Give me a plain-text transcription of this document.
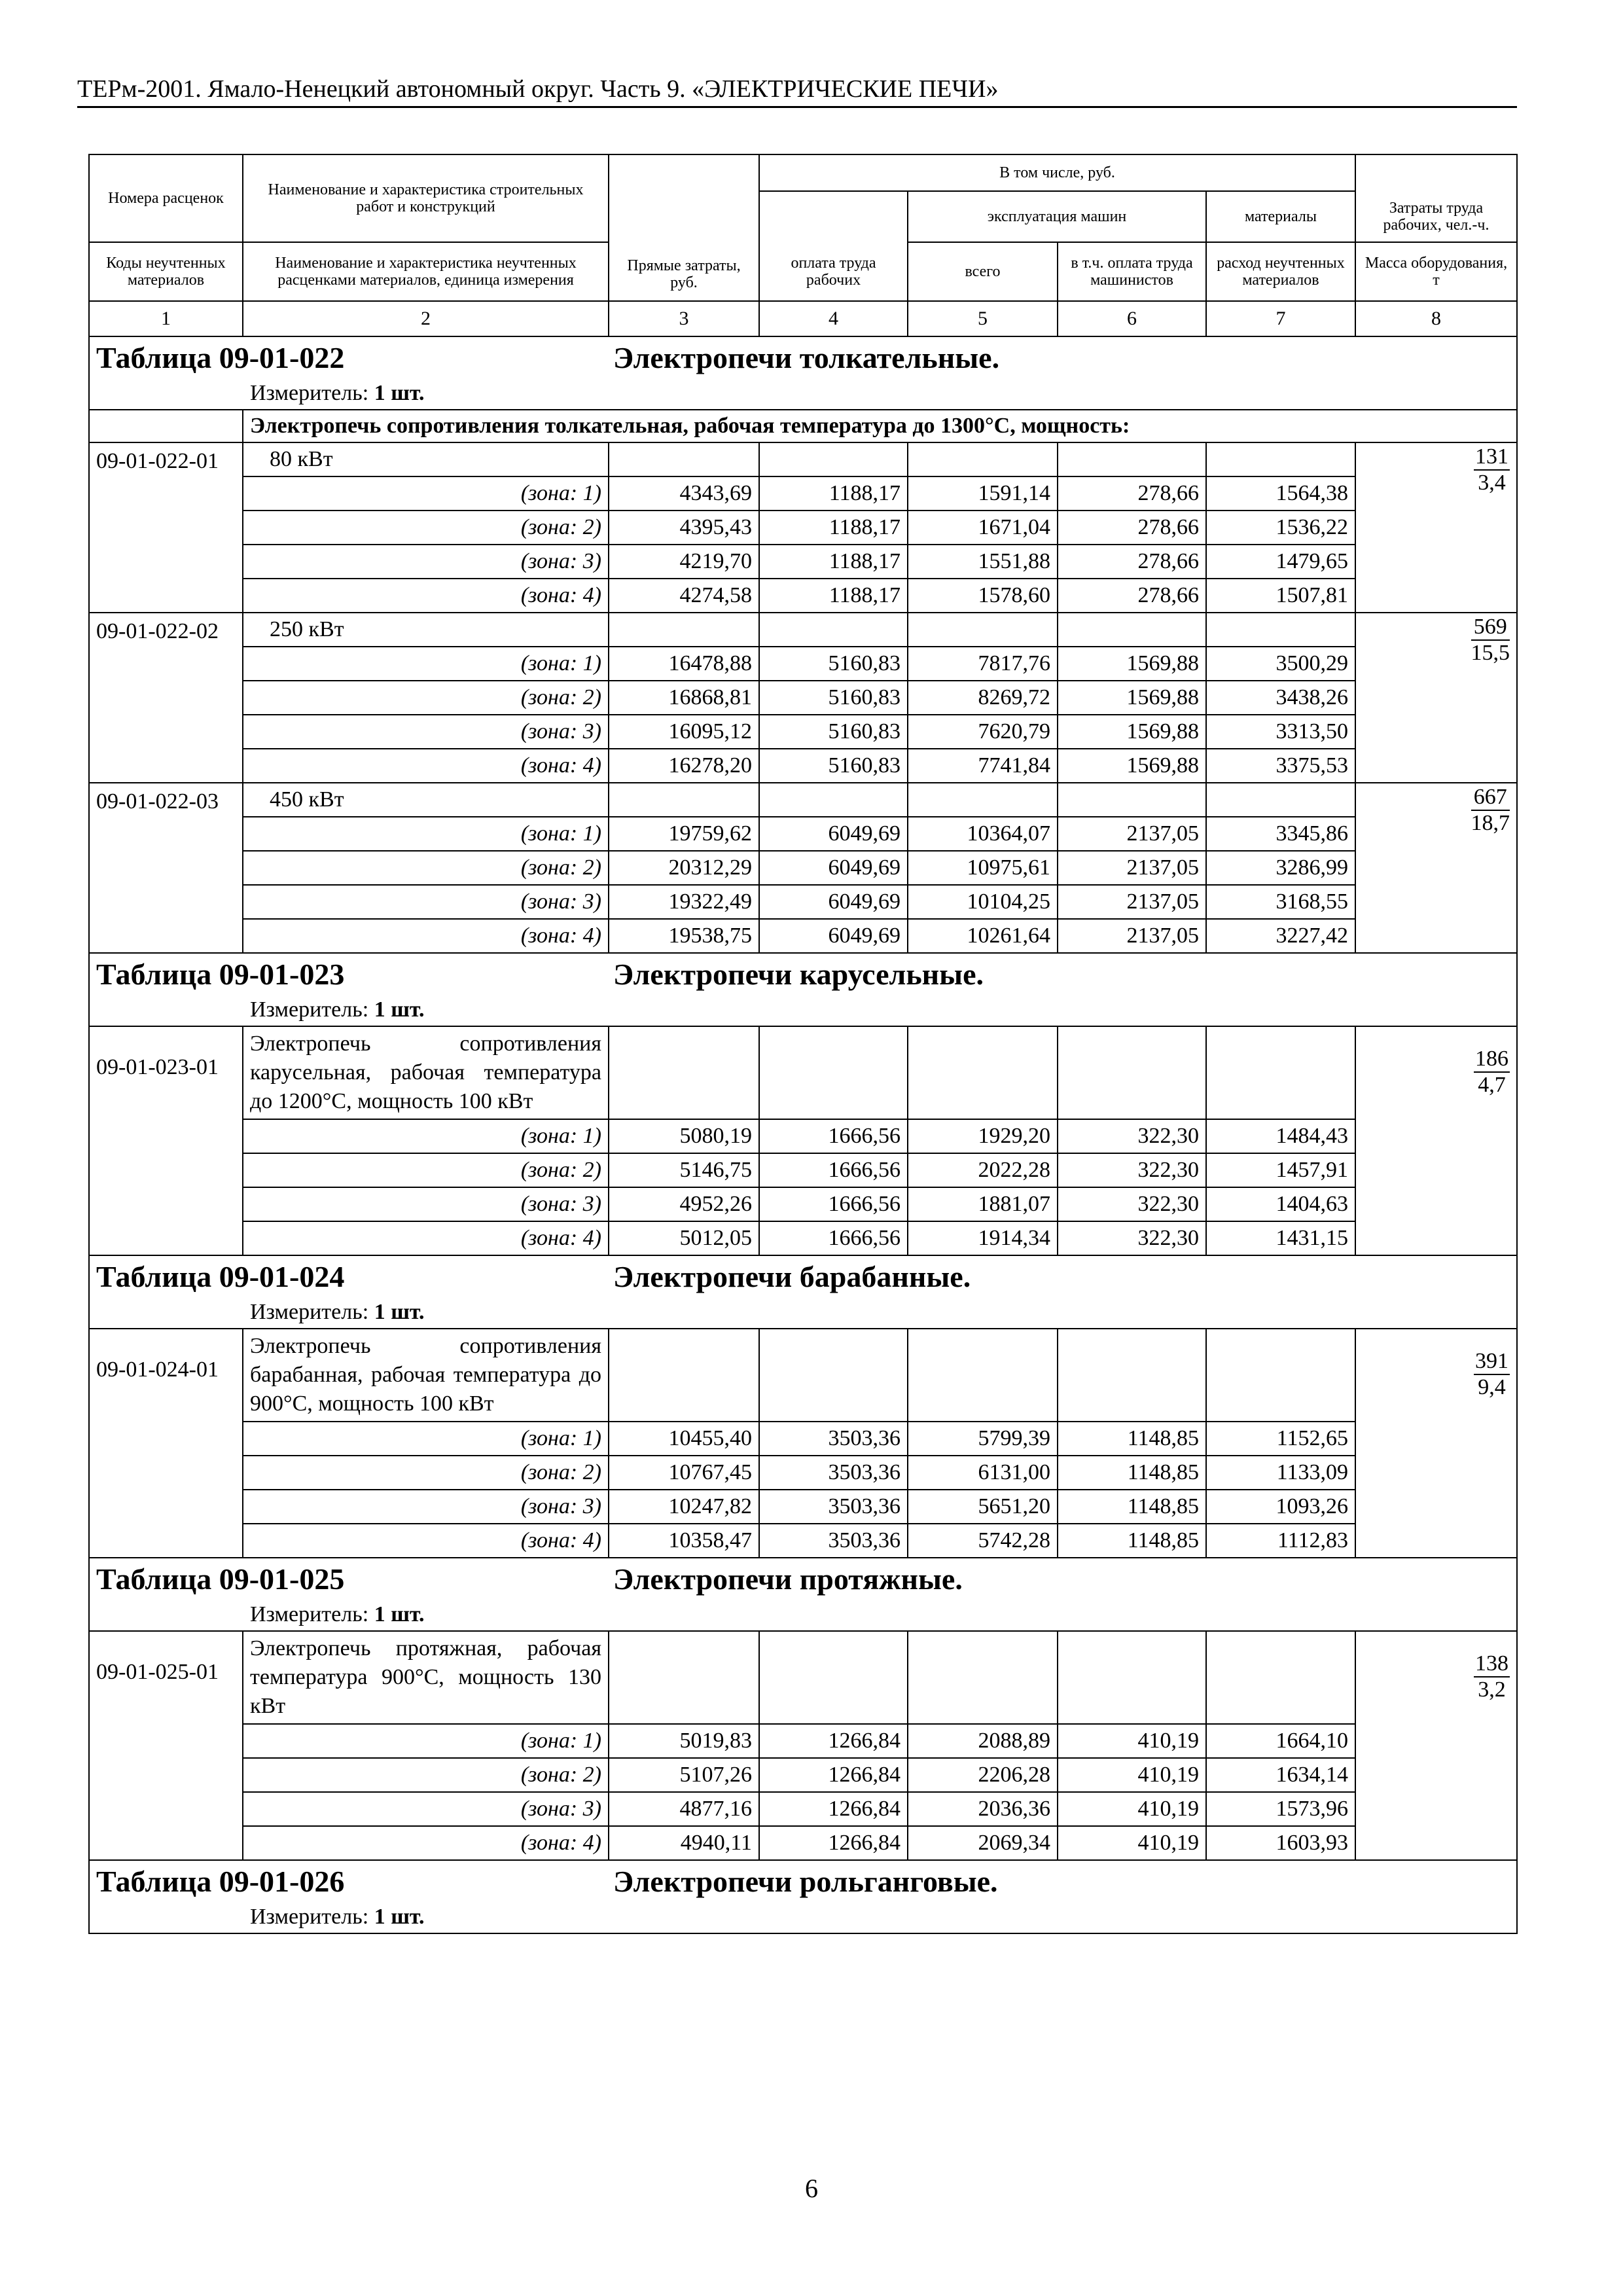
ТЕРм-2001. Ямало-Ненецкий автономный округ. Часть 9. «ЭЛЕКТРИЧЕСКИЕ ПЕЧИ»
Номера расценок	Наименование и характеристика строительных работ и конструкций	Прямые затраты, руб.	В том числе, руб.				
				эксплуатация машин		материалы	Затраты труда рабочих, чел.-ч.
Коды неучтенных материалов	Наименование и характеристика неучтенных расценками материалов, единица измерения		оплата труда рабочих	всего	в т.ч. оплата труда машинистов	расход неучтенных материалов	Масса оборудования, т
1	2	3	4	5	6	7	8
Таблица 09-01-022 Электропечи толкательные.							
Измеритель: 1 шт.							
	Электропечь сопротивления толкательная, рабочая температура до 1300°С, мощность:						
09-01-022-01	80 кВт						$\frac{131}{3,4}$

	(зона: 1)	4343,69	1188,17	1591,14	278,66	1564,38	
	(зона: 2)	4395,43	1188,17	1671,04	278,66	1536,22	
	(зона: 3)	4219,70	1188,17	1551,88	278,66	1479,65	
	(зона: 4)	4274,58	1188,17	1578,60	278,66	1507,81	
09-01-022-02	250 кВт						$\frac{569}{15,5}$

	(зона: 1)	16478,88	5160,83	7817,76	1569,88	3500,29	
	(зона: 2)	16868,81	5160,83	8269,72	1569,88	3438,26	
	(зона: 3)	16095,12	5160,83	7620,79	1569,88	3313,50	
	(зона: 4)	16278,20	5160,83	7741,84	1569,88	3375,53	
09-01-022-03	450 кВт						$\frac{667}{18,7}$

	(зона: 1)	19759,62	6049,69	10364,07	2137,05	3345,86	
	(зона: 2)	20312,29	6049,69	10975,61	2137,05	3286,99	
	(зона: 3)	19322,49	6049,69	10104,25	2137,05	3168,55	
	(зона: 4)	19538,75	6049,69	10261,64	2137,05	3227,42	
Таблица 09-01-023 Электропечи карусельные.							
Измеритель: 1 шт.							
09-01-023-01	Электропечь сопротивления карусельная, рабочая температура до 1200°С, мощность 100 кВт						$\frac{186}{4,7}$

	(зона: 1)	5080,19	1666,56	1929,20	322,30	1484,43	
	(зона: 2)	5146,75	1666,56	2022,28	322,30	1457,91	
	(зона: 3)	4952,26	1666,56	1881,07	322,30	1404,63	
	(зона: 4)	5012,05	1666,56	1914,34	322,30	1431,15	
Таблица 09-01-024 Электропечи барабанные.							
Измеритель: 1 шт.							
09-01-024-01	Электропечь сопротивления барабанная, рабочая температура до 900°С, мощность 100 кВт						$\frac{391}{9,4}$

	(зона: 1)	10455,40	3503,36	5799,39	1148,85	1152,65	
	(зона: 2)	10767,45	3503,36	6131,00	1148,85	1133,09	
	(зона: 3)	10247,82	3503,36	5651,20	1148,85	1093,26	
	(зона: 4)	10358,47	3503,36	5742,28	1148,85	1112,83	
Таблица 09-01-025 Электропечи протяжные.							
Измеритель: 1 шт.							
09-01-025-01	Электропечь протяжная, рабочая температура 900°С, мощность 130 кВт						$\frac{138}{3,2}$

	(зона: 1)	5019,83	1266,84	2088,89	410,19	1664,10	
	(зона: 2)	5107,26	1266,84	2206,28	410,19	1634,14	
	(зона: 3)	4877,16	1266,84	2036,36	410,19	1573,96	
	(зона: 4)	4940,11	1266,84	2069,34	410,19	1603,93	
Таблица 09-01-026 Электропечи рольганговые.							
Измеритель: 1 шт.							
6
